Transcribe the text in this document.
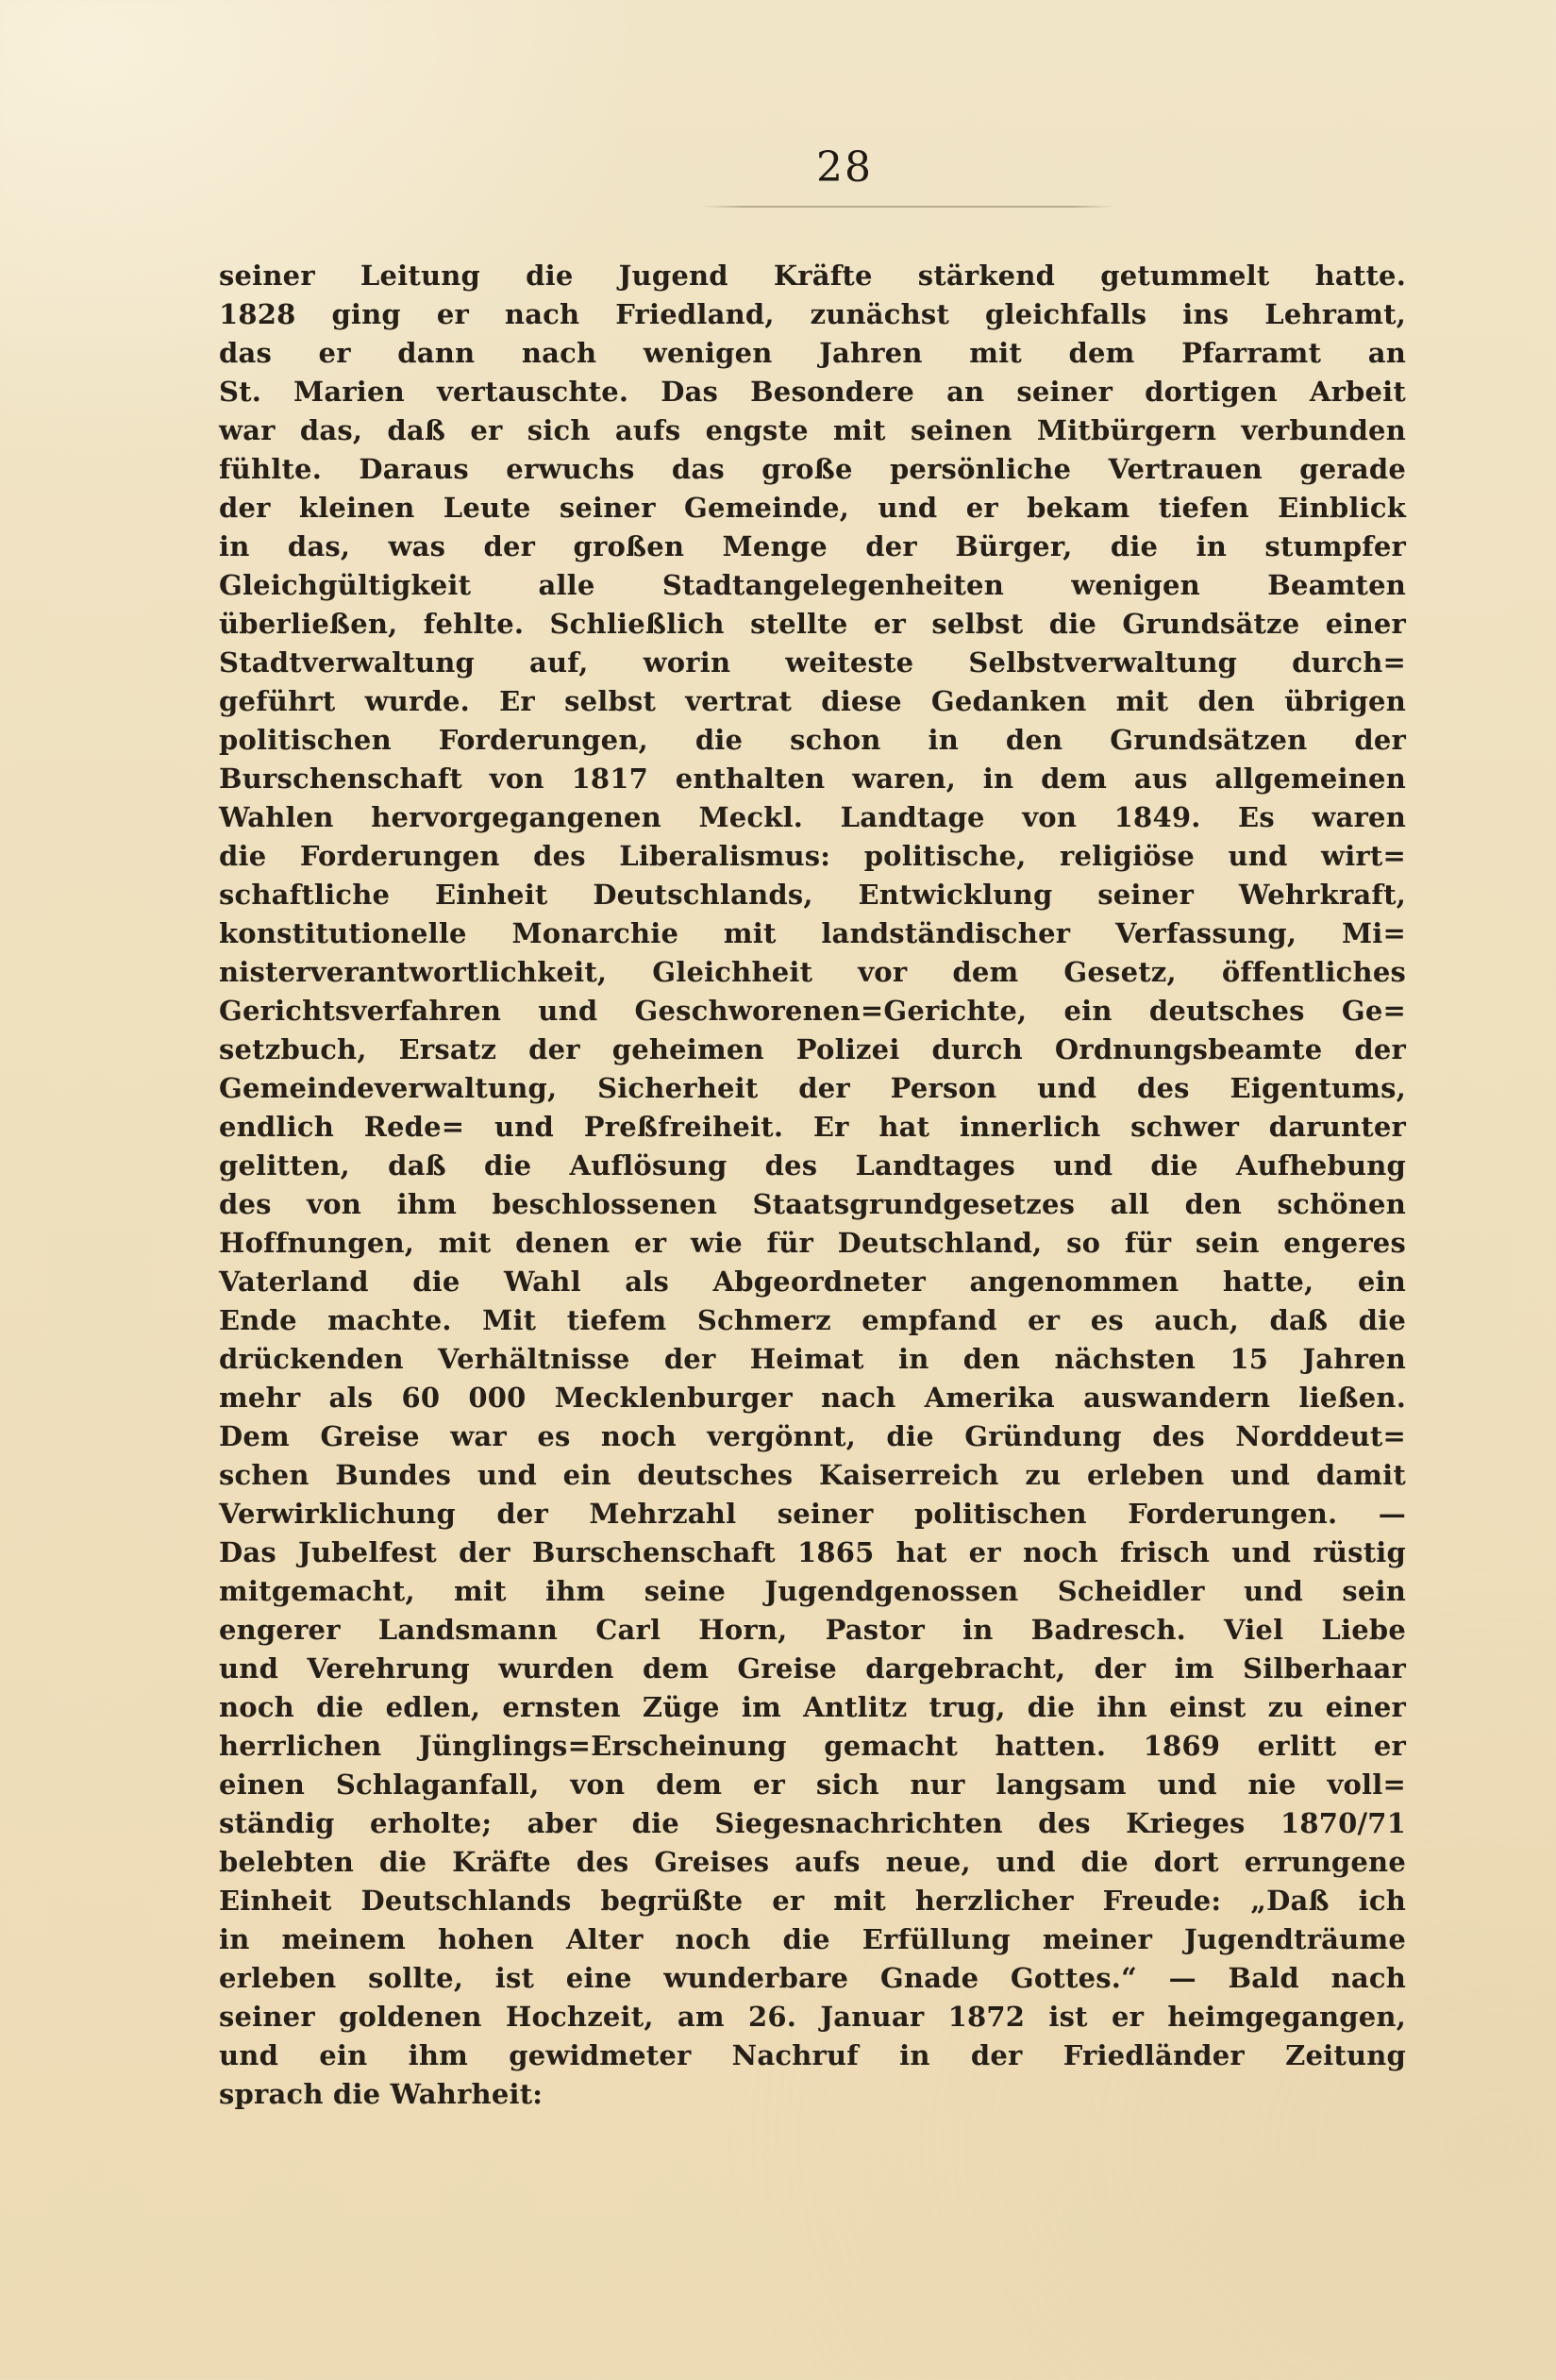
28
seiner Leitung die Jugend Kräfte stärkend getummelt hatte.
1828 ging er nach Friedland, zunächst gleichfalls ins Lehramt,
das er dann nach wenigen Jahren mit dem Pfarramt an
St. Marien vertauschte. Das Besondere an seiner dortigen Arbeit
war das, daß er sich aufs engste mit seinen Mitbürgern verbunden
fühlte. Daraus erwuchs das große persönliche Vertrauen gerade
der kleinen Leute seiner Gemeinde, und er bekam tiefen Einblick
in das, was der großen Menge der Bürger, die in stumpfer
Gleichgültigkeit alle Stadtangelegenheiten wenigen Beamten
überließen, fehlte. Schließlich stellte er selbst die Grundsätze einer
Stadtverwaltung auf, worin weiteste Selbstverwaltung durch=
geführt wurde. Er selbst vertrat diese Gedanken mit den übrigen
politischen Forderungen, die schon in den Grundsätzen der
Burschenschaft von 1817 enthalten waren, in dem aus allgemeinen
Wahlen hervorgegangenen Meckl. Landtage von 1849. Es waren
die Forderungen des Liberalismus: politische, religiöse und wirt=
schaftliche Einheit Deutschlands, Entwicklung seiner Wehrkraft,
konstitutionelle Monarchie mit landständischer Verfassung, Mi=
nisterverantwortlichkeit, Gleichheit vor dem Gesetz, öffentliches
Gerichtsverfahren und Geschworenen=Gerichte, ein deutsches Ge=
setzbuch, Ersatz der geheimen Polizei durch Ordnungsbeamte der
Gemeindeverwaltung, Sicherheit der Person und des Eigentums,
endlich Rede= und Preßfreiheit. Er hat innerlich schwer darunter
gelitten, daß die Auflösung des Landtages und die Aufhebung
des von ihm beschlossenen Staatsgrundgesetzes all den schönen
Hoffnungen, mit denen er wie für Deutschland, so für sein engeres
Vaterland die Wahl als Abgeordneter angenommen hatte, ein
Ende machte. Mit tiefem Schmerz empfand er es auch, daß die
drückenden Verhältnisse der Heimat in den nächsten 15 Jahren
mehr als 60 000 Mecklenburger nach Amerika auswandern ließen.
Dem Greise war es noch vergönnt, die Gründung des Norddeut=
schen Bundes und ein deutsches Kaiserreich zu erleben und damit
Verwirklichung der Mehrzahl seiner politischen Forderungen. —
Das Jubelfest der Burschenschaft 1865 hat er noch frisch und rüstig
mitgemacht, mit ihm seine Jugendgenossen Scheidler und sein
engerer Landsmann Carl Horn, Pastor in Badresch. Viel Liebe
und Verehrung wurden dem Greise dargebracht, der im Silberhaar
noch die edlen, ernsten Züge im Antlitz trug, die ihn einst zu einer
herrlichen Jünglings=Erscheinung gemacht hatten. 1869 erlitt er
einen Schlaganfall, von dem er sich nur langsam und nie voll=
ständig erholte; aber die Siegesnachrichten des Krieges 1870/71
belebten die Kräfte des Greises aufs neue, und die dort errungene
Einheit Deutschlands begrüßte er mit herzlicher Freude: „Daß ich
in meinem hohen Alter noch die Erfüllung meiner Jugendträume
erleben sollte, ist eine wunderbare Gnade Gottes.“ — Bald nach
seiner goldenen Hochzeit, am 26. Januar 1872 ist er heimgegangen,
und ein ihm gewidmeter Nachruf in der Friedländer Zeitung
sprach die Wahrheit:
